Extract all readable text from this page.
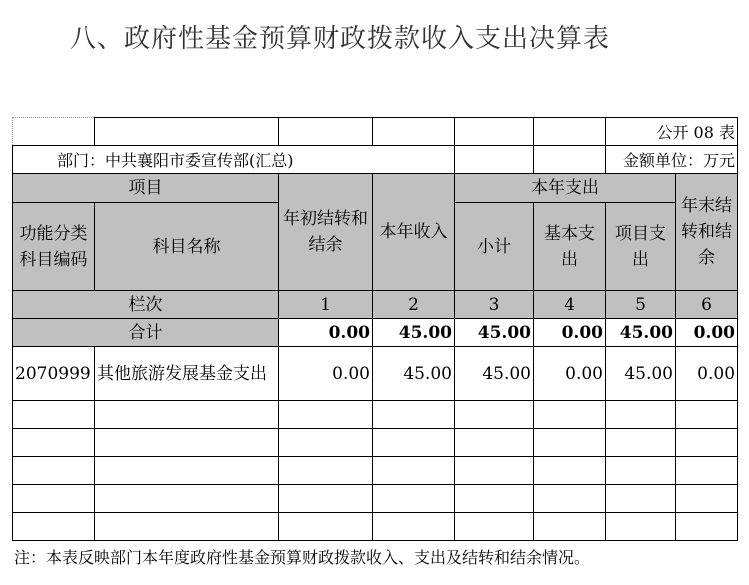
八、政府性基金预算财政拨款收入支出决算表
						公开 08 表	
部门：中共襄阳市委宣传部(汇总)						金额单位：万元	
项目		年初结转和结余	本年收入	本年支出			年末结转和结余
功能分类科目编码	科目名称			小计	基本支出	项目支出	
栏次		1	2	3	4	5	6
合计		0.00	45.00	45.00	0.00	45.00	0.00
2070999	其他旅游发展基金支出	0.00	45.00	45.00	0.00	45.00	0.00

注：本表反映部门本年度政府性基金预算财政拨款收入、支出及结转和结余情况。
